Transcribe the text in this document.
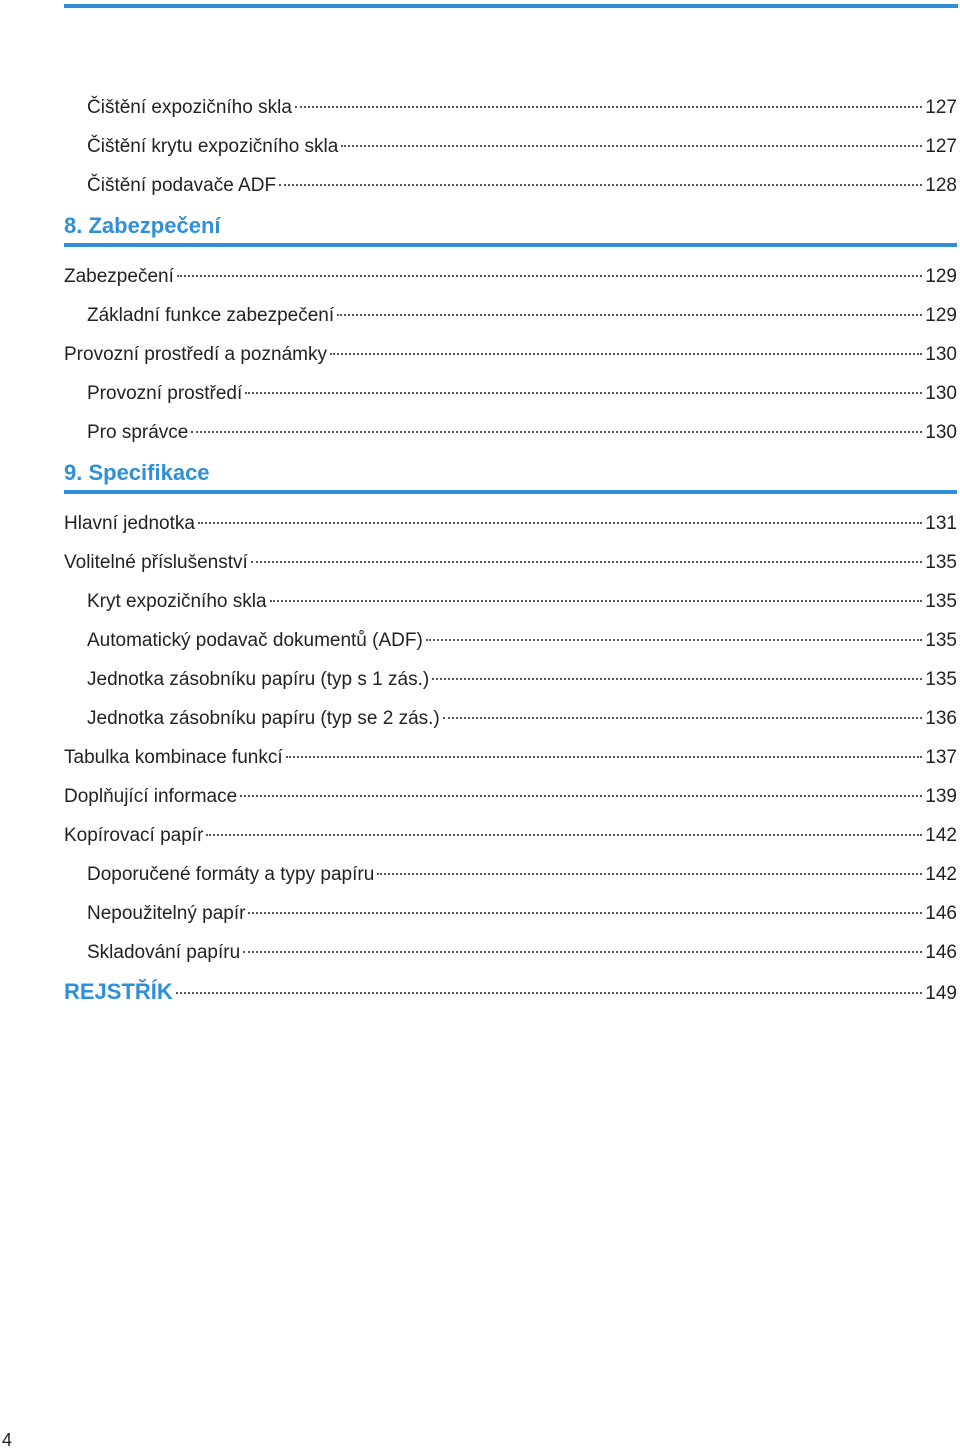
Čištění expozičního skla	127
Čištění krytu expozičního skla	127
Čištění podavače ADF	128
8. Zabezpečení
Zabezpečení	129
Základní funkce zabezpečení	129
Provozní prostředí a poznámky	130
Provozní prostředí	130
Pro správce	130
9. Specifikace
Hlavní jednotka	131
Volitelné příslušenství	135
Kryt expozičního skla	135
Automatický podavač dokumentů (ADF)	135
Jednotka zásobníku papíru (typ s 1 zás.)	135
Jednotka zásobníku papíru (typ se 2 zás.)	136
Tabulka kombinace funkcí	137
Doplňující informace	139
Kopírovací papír	142
Doporučené formáty a typy papíru	142
Nepoužitelný papír	146
Skladování papíru	146
REJSTŘÍK	149
4
